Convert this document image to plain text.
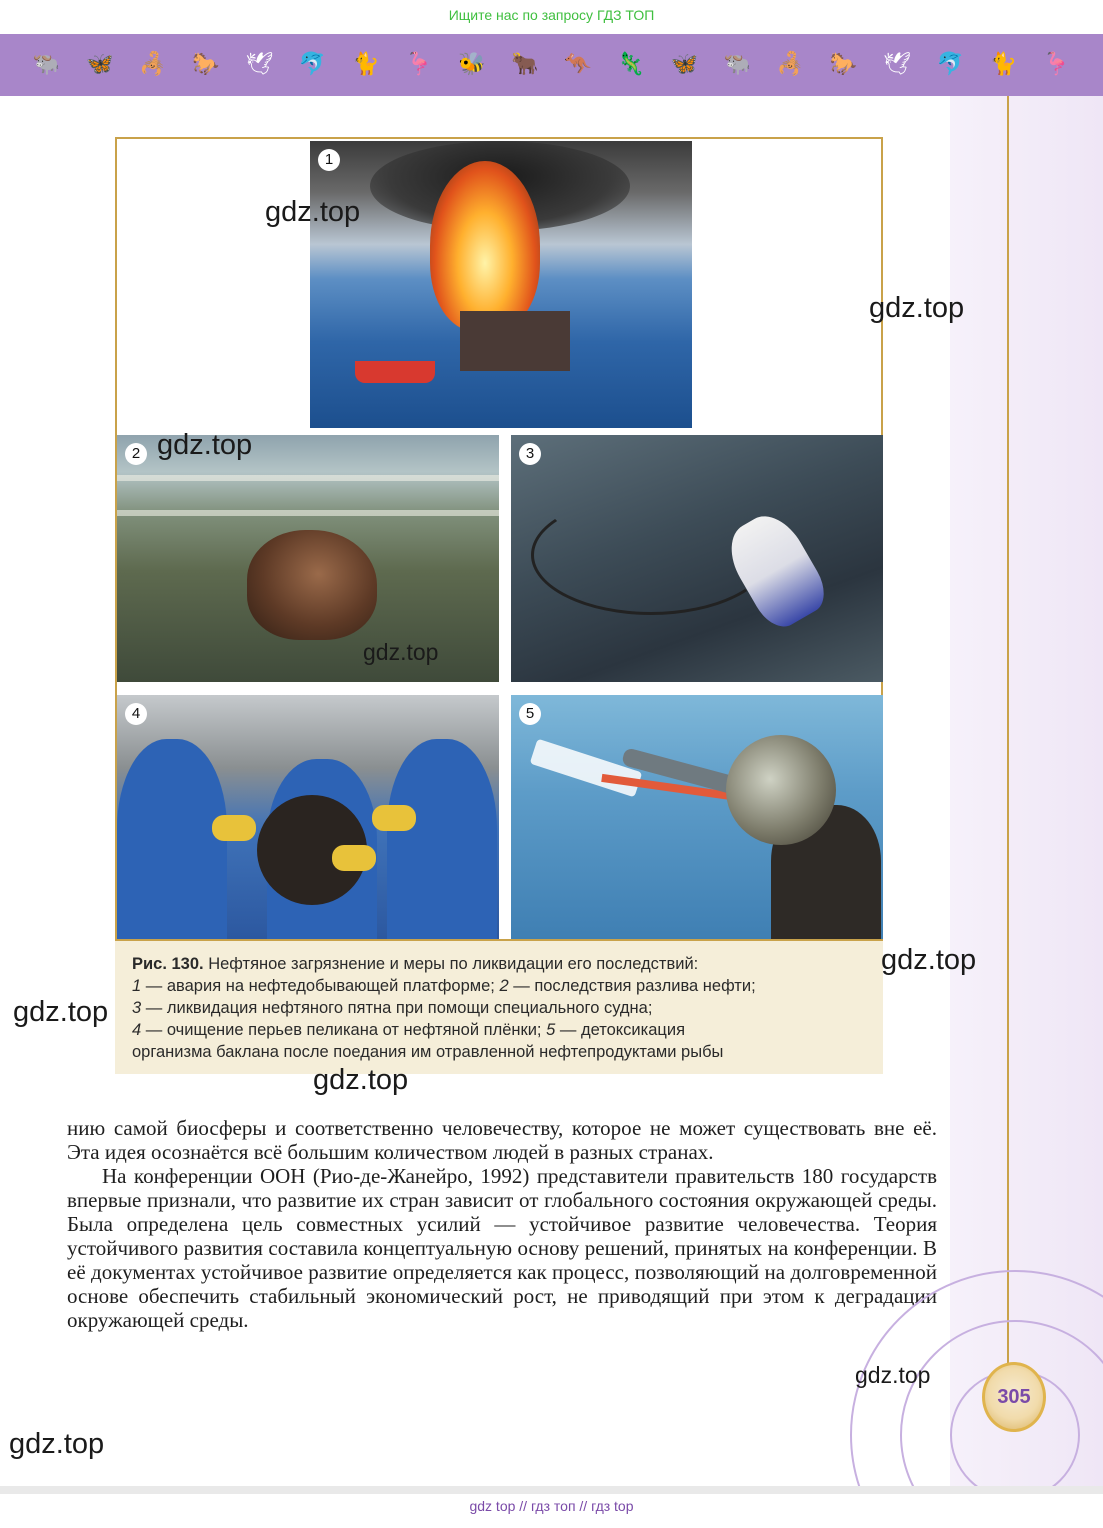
Ищите нас по запросу ГДЗ ТОП
🐃 🦋 🦂 🐎 🕊 🐬 🐈 🦩 🐝 🐂 🦘 🦎 🦋 🐃 🦂 🐎 🕊 🐬 🐈 🦩
1
2	3
4	5
Рис. 130. Нефтяное загрязнение и меры по ликвидации его последствий:
1 — авария на нефтедобывающей платформе; 2 — последствия разлива нефти;
3 — ликвидация нефтяного пятна при помощи специального судна;
4 — очищение перьев пеликана от нефтяной плёнки; 5 — детоксикация
организма баклана после поедания им отравленной нефтепродуктами рыбы

нию самой биосферы и соответственно человечеству, которое не может существовать вне её. Эта идея осознаётся всё большим количеством людей в разных странах.

На конференции ООН (Рио-де-Жанейро, 1992) представители правительств 180 государств впервые признали, что развитие их стран зависит от глобального состояния окружающей среды. Была определена цель совместных усилий — устойчивое развитие человечества. Теория устойчивого развития составила концептуальную основу решений, принятых на конференции. В её документах устойчивое развитие определяется как процесс, позволяющий на долговременной основе обеспечить стабильный экономический рост, не приводящий при этом к деградации окружающей среды.

305
gdz top // гдз топ // гдз top
gdz.top
gdz.top
gdz.top
gdz.top
gdz.top
gdz.top
gdz.top
gdz.top
gdz.top
